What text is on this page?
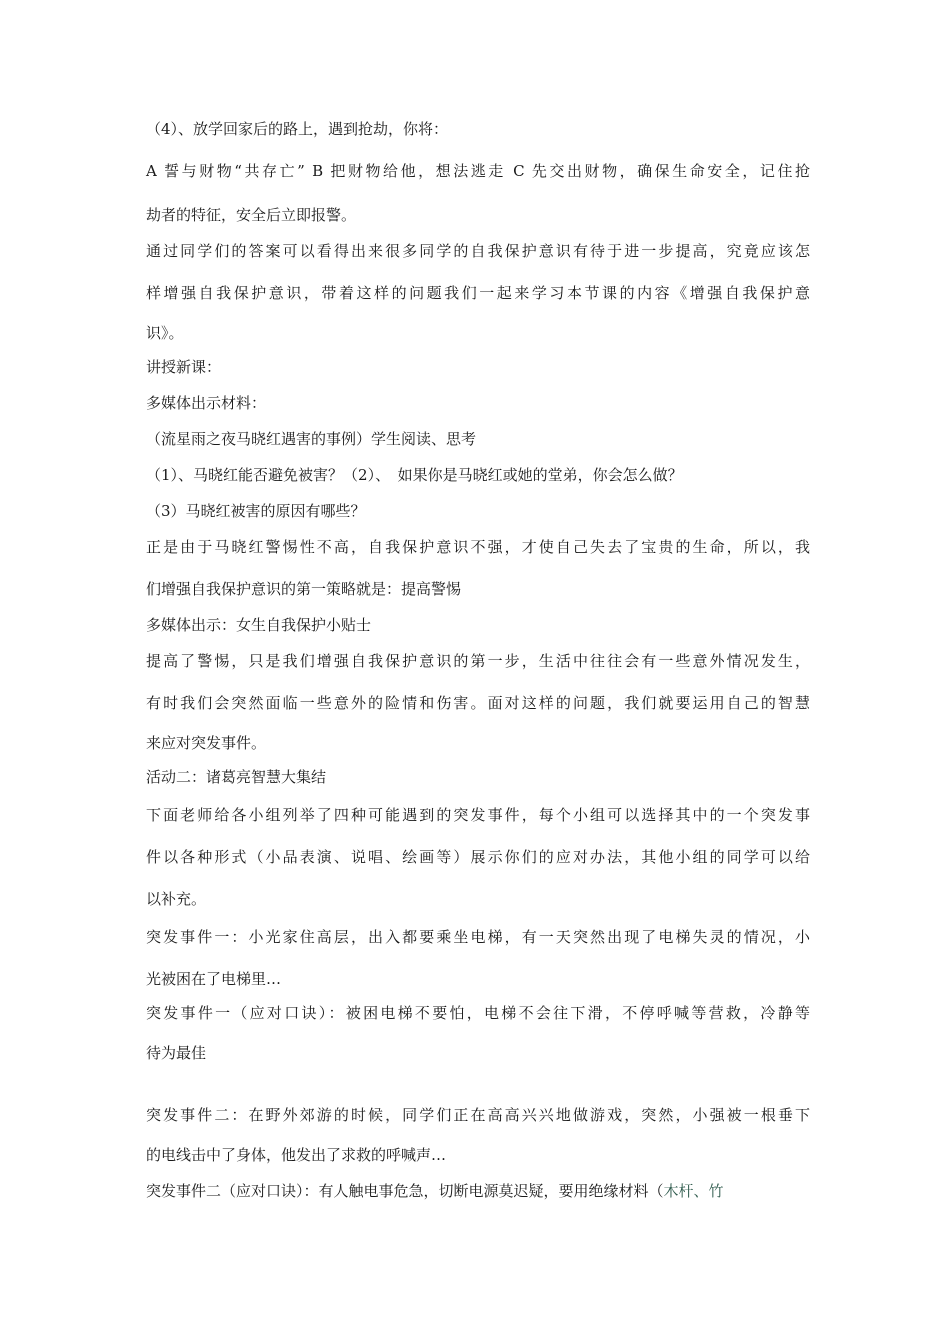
（4）、放学回家后的路上，遇到抢劫，你将：
A 誓与财物“共存亡” B 把财物给他，想法逃走 C 先交出财物，确保生命安全，记住抢
劫者的特征，安全后立即报警。
通过同学们的答案可以看得出来很多同学的自我保护意识有待于进一步提高，究竟应该怎
样增强自我保护意识，带着这样的问题我们一起来学习本节课的内容《增强自我保护意
识》。
讲授新课：
多媒体出示材料：
（流星雨之夜马晓红遇害的事例）学生阅读、思考
（1）、马晓红能否避免被害？（2）、　如果你是马晓红或她的堂弟，你会怎么做？
（3）马晓红被害的原因有哪些？
正是由于马晓红警惕性不高，自我保护意识不强，才使自己失去了宝贵的生命，所以，我
们增强自我保护意识的第一策略就是：提高警惕
多媒体出示：女生自我保护小贴士
提高了警惕，只是我们增强自我保护意识的第一步，生活中往往会有一些意外情况发生，
有时我们会突然面临一些意外的险情和伤害。面对这样的问题，我们就要运用自己的智慧
来应对突发事件。
活动二：诸葛亮智慧大集结
下面老师给各小组列举了四种可能遇到的突发事件，每个小组可以选择其中的一个突发事
件以各种形式（小品表演、说唱、绘画等）展示你们的应对办法，其他小组的同学可以给
以补充。
突发事件一：小光家住高层，出入都要乘坐电梯，有一天突然出现了电梯失灵的情况，小
光被困在了电梯里…
突发事件一（应对口诀）：被困电梯不要怕，电梯不会往下滑，不停呼喊等营救，冷静等
待为最佳
突发事件二：在野外郊游的时候，同学们正在高高兴兴地做游戏，突然，小强被一根垂下
的电线击中了身体，他发出了求救的呼喊声…
突发事件二（应对口诀）：有人触电事危急，切断电源莫迟疑，要用绝缘材料（木杆、竹
